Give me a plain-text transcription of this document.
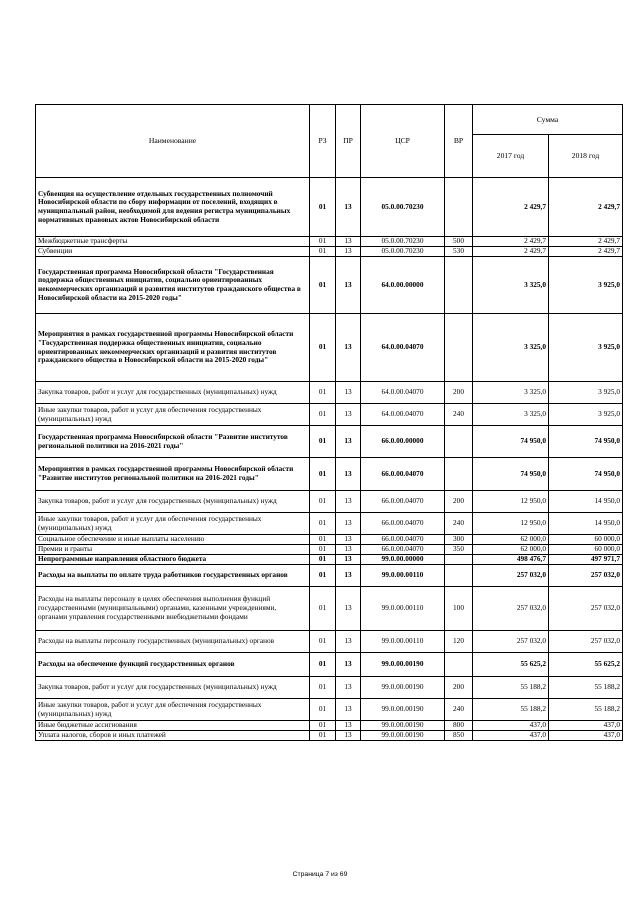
Наименование	РЗ	ПР	ЦСР	ВР	Сумма	
					2017 год	2018 год
Субвенция на осуществление отдельных государственных полномочий Новосибирской области по сбору информации от поселений, входящих в муниципальный район, необходимой для ведения регистра муниципальных нормативных правовых актов Новосибирской области	01	13	05.0.00.70230		2 429,7	2 429,7
Межбюджетные трансферты	01	13	05.0.00.70230	500	2 429,7	2 429,7
Субвенции	01	13	05.0.00.70230	530	2 429,7	2 429,7
Государственная программа Новосибирской области "Государственная поддержка общественных инициатив, социально ориентированных некоммерческих организаций и развития институтов гражданского общества в Новосибирской области на 2015-2020 годы"	01	13	64.0.00.00000		3 325,0	3 925,0
Мероприятия в рамках государственной программы Новосибирской области "Государственная поддержка общественных инициатив, социально ориентированных некоммерческих организаций и развития институтов гражданского общества в Новосибирской области на 2015-2020 годы"	01	13	64.0.00.04070		3 325,0	3 925,0
Закупка товаров, работ и услуг для государственных (муниципальных) нужд	01	13	64.0.00.04070	200	3 325,0	3 925,0
Иные закупки товаров, работ и услуг для обеспечения государственных (муниципальных) нужд	01	13	64.0.00.04070	240	3 325,0	3 925,0
Государственная программа Новосибирской области "Развитие институтов региональной политики на 2016-2021 годы"	01	13	66.0.00.00000		74 950,0	74 950,0
Мероприятия в рамках государственной программы Новосибирской области "Развитие институтов региональной политики на 2016-2021 годы"	01	13	66.0.00.04070		74 950,0	74 950,0
Закупка товаров, работ и услуг для государственных (муниципальных) нужд	01	13	66.0.00.04070	200	12 950,0	14 950,0
Иные закупки товаров, работ и услуг для обеспечения государственных (муниципальных) нужд	01	13	66.0.00.04070	240	12 950,0	14 950,0
Социальное обеспечение и иные выплаты населению	01	13	66.0.00.04070	300	62 000,0	60 000,0
Премии и гранты	01	13	66.0.00.04070	350	62 000,0	60 000,0
Непрограммные направления областного бюджета	01	13	99.0.00.00000		498 476,7	497 971,7
Расходы на выплаты по оплате труда работников государственных органов	01	13	99.0.00.00110		257 032,0	257 032,0
Расходы на выплаты персоналу в целях обеспечения выполнения функций государственными (муниципальными) органами, казенными учреждениями, органами управления государственными внебюджетными фондами	01	13	99.0.00.00110	100	257 032,0	257 032,0
Расходы на выплаты персоналу государственных (муниципальных) органов	01	13	99.0.00.00110	120	257 032,0	257 032,0
Расходы на обеспечение функций государственных органов	01	13	99.0.00.00190		55 625,2	55 625,2
Закупка товаров, работ и услуг для государственных (муниципальных) нужд	01	13	99.0.00.00190	200	55 188,2	55 188,2
Иные закупки товаров, работ и услуг для обеспечения государственных (муниципальных) нужд	01	13	99.0.00.00190	240	55 188,2	55 188,2
Иные бюджетные ассигнования	01	13	99.0.00.00190	800	437,0	437,0
Уплата налогов, сборов и иных платежей	01	13	99.0.00.00190	850	437,0	437,0
Страница 7 из 69
